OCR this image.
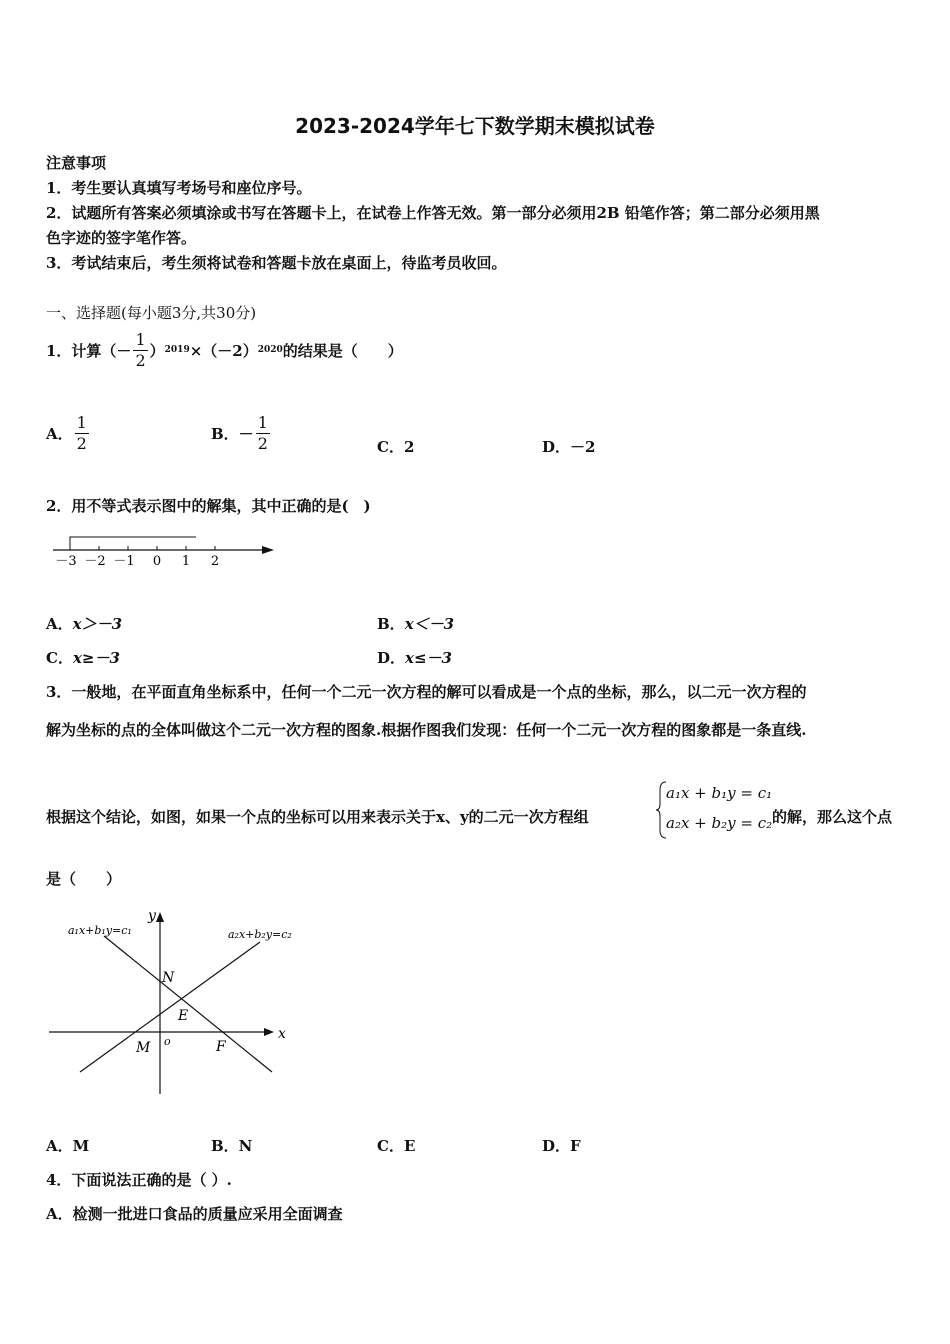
2023-2024学年七下数学期末模拟试卷
注意事项
1．考生要认真填写考场号和座位序号。
2．试题所有答案必须填涂或书写在答题卡上，在试卷上作答无效。第一部分必须用2B 铅笔作答；第二部分必须用黑
色字迹的签字笔作答。
3．考试结束后，考生须将试卷和答题卡放在桌面上，待监考员收回。
一、选择题(每小题3分,共30分)
1．计算（－ $\frac{1}{2}$ ） 2019 ×（－2） 2020 的结果是（　　）
A． $\frac{1}{2}$	B．－ $\frac{1}{2}$	C．2	D．－2
2．用不等式表示图中的解集，其中正确的是(　)
－3 －2 －1 0 1 2
A．x＞－3	B．x＜－3
C．x≥－3	D．x≤－3
3．一般地，在平面直角坐标系中，任何一个二元一次方程的解可以看成是一个点的坐标，那么，以二元一次方程的
解为坐标的点的全体叫做这个二元一次方程的图象.根据作图我们发现：任何一个二元一次方程的图象都是一条直线.
根据这个结论，如图，如果一个点的坐标可以用来表示关于x、y的二元一次方程组
a₁x + b₁y = c₁
a₂x + b₂y = c₂ 的解，那么这个点
是（　　）
x
y
o
N
E
M	F
a₁x+b₁y=c₁	a₂x+b₂y=c₂
A．M	B．N	C．E	D．F
4．下面说法正确的是（ ）.
A．检测一批进口食品的质量应采用全面调查
